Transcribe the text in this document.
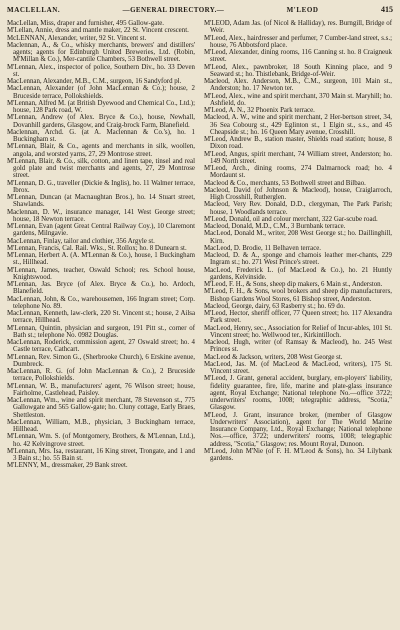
MACLELLAN.	—GENERAL DIRECTORY.—	M'LEOD	415

MacLellan, Miss, draper and furnisher, 495 Gallow-gate.

M'Lellan, Annie, dress and mantle maker, 22 St. Vincent crescent.

McLENNAN, Alexander, writer, 92 St. Vincent st.

Maclennan, A., & Co., whisky merchants, brewers' and distillers' agents; agents for Edinburgh United Breweries, Ltd. (Robin, M'Millan & Co.), Mer-cantile Chambers, 53 Bothwell street.

M'Lennan, Alex., inspector of police, Southern Div., ho. 33 Deven st.

MacLennan, Alexander, M.B., C.M., surgeon, 16 Sandyford pl.

MacLennan, Alexander (of John MacLennan & Co.); house, 2 Bruceside terrace, Pollokshields.

M'Lennan, Alfred M. (at British Dyewood and Chemical Co., Ltd.); house, 128 Park road, W.

M'Lennan, Andrew (of Alex. Bryce & Co.), house, Newhall, Dovanhill gardens, Glasgow, and Craig-brock Farm, Blanefield.

Maclennan, Archd. G. (at A. Maclennan & Co.'s), ho. 1 Buckingham st.

M'Lennan, Blair, & Co., agents and merchants in silk, woollen, angola, and worsted yarns, 27, 29 Montrose street.

M'Lennan, Blair, & Co., silk, cotton, and linen tape, tinsel and real gold plate and twist merchants and agents, 27, 29 Montrose street.

M'Lennan, D. G., traveller (Dickie & Inglis), ho. 11 Walmer terrace, Ibrox.

M'Lennan, Duncan (at Macnaughtan Bros.), ho. 14 Stuart street, Shawlands.

Maclennan, D. W., insurance manager, 141 West George street; house, 18 Newton terrace.

M'Lennan, Evan (agent Great Central Railway Coy.), 10 Claremont gardens, Milngavie.

MacLennan, Finlay, tailor and clothier, 356 Argyle st.

M'Lennan, Francis, Cal. Rail. Wks., St. Rollox; ho. 8 Dunearn st.

M'Lennan, Herbert A. (A. M'Lennan & Co.), house, 1 Buckingham st., Hillhead.

M'Lennan, James, teacher, Oswald School; res. School house, Knightswood.

M'Lennan, Jas. Bryce (of Alex. Bryce & Co.), ho. Ardoch, Blanefield.

MacLennan, John, & Co., warehousemen, 166 Ingram street; Corp. telephone No. 89.

MacLennan, Kenneth, law-clerk, 220 St. Vincent st.; house, 2 Ailsa terrace, Hillhead.

M'Lennan, Quintin, physician and surgeon, 191 Pitt st., corner of Bath st.; telephone No. 0982 Douglas.

MacLennan, Roderick, commission agent, 27 Oswald street; ho. 4 Castle terrace, Cathcart.

M'Lennan, Rev. Simon G., (Sherbrooke Church), 6 Erskine avenue, Dumbreck.

MacLennan, R. G. (of John MacLennan & Co.), 2 Bruceside terrace, Pollokshields.

M'Lennan, W. B., manufacturers' agent, 76 Wilson street; house, Fairholme, Castlehead, Paisley.

MacLennan, Wm., wine and spirit merchant, 78 Stevenson st., 775 Gallowgate and 565 Gallow-gate; ho. Cluny cottage, Early Braes, Shettleston.

MacLennan, William, M.B., physician, 3 Buckingham terrace, Hillhead.

M'Lennan, Wm. S. (of Montgomery, Brothers, & M'Lennan, Ltd.), ho. 42 Kelvingrove street.

M'Lennan, Mrs. Isa, restaurant, 16 King street, Trongate, and 1 and 3 Bain st.; ho. 55 Bain st.

M'LENNY, M., dressmaker, 29 Bank street.

M'LEOD, Adam Jas. (of Nicol & Halliday), res. Burngill, Bridge of Weir.

M'Leod, Alex., hairdresser and perfumer, 7 Cumber-land street, s.s.; house, 76 Abbotsford place.

M'Leod, Alexander, dining rooms, 116 Canning st. ho. 8 Craigneuk street.

M'Leod, Alex., pawnbroker, 18 South Kinning place, and 9 Seaward st.; ho. Thistlebank, Bridge-of-Weir.

Macleod, Alex. Anderson, M.B., C.M., surgeon, 101 Main st., Anderston; ho. 17 Newton ter.

M'Leod, Alex., wine and spirit merchant, 370 Main st. Maryhill; ho. Ashfield, do.

M'Leod, A. N., 32 Phoenix Park terrace.

Macleod, A. W., wine and spirit merchant, 2 Her-bertson street, 34, 36 Sea Cobourg st., 429 Eglinton st., 1 Elgin st., s.s., and 45 Cheapside st.; ho. 16 Queen Mary avenue, Crosshill.

M'Leod, Andrew B., station master, Shields road station; house, 8 Dixon road.

M'Leod, Angus, spirit merchant, 74 William street, Anderston; ho. 149 North street.

M'Leod, Arch., dining rooms, 274 Dalmarnock road; ho. 4 Mordaunt st.

Macleod & Co., merchants, 53 Bothwell street and Bilbao.

Macleod, David (of Johnson & Macleod), house, Craiglarroch, High Crosshill, Rutherglen.

Macleod, Very Rev. Donald, D.D., clergyman, The Park Parish; house, 1 Woodlands terrace.

M'Leod, Donald, oil and colour merchant, 322 Gar-scube road.

Macleod, Donald, M.D., C.M., 3 Burnbank terrace.

MacLeod, Donald M., writer, 208 West George st.; ho. Daillinghill, Kirn.

MacLeod, D. Brodie, 11 Belhaven terrace.

Macleod, D. & A., sponge and chamois leather mer-chants, 229 Ingram st.; ho. 271 West Prince's street.

MacLeod, Frederick L. (of MacLeod & Co.), ho. 21 Huntly gardens, Kelvinside.

M'Leod, F. H., & Sons, sheep dip makers, 6 Main st., Anderston.

M'Leod, F. H., & Sons, wool brokers and sheep dip manufacturers, Bishop Gardens Wool Stores, 61 Bishop street, Anderston.

Macleod, George, dairy, 63 Rasberry st.; ho. 69 do.

M'Leod, Hector, sheriff officer, 77 Queen street; ho. 117 Alexandra Park street.

MacLeod, Henry, sec., Association for Relief of Incur-ables, 101 St. Vincent street; ho. Wellwood ter., Kirkintilloch.

Macleod, Hugh, writer (of Ramsay & Macleod), ho. 245 West Princes st.

MacLeod & Jackson, writers, 208 West George st.

MacLeod, Jas. M. (of MacLeod & MacLeod, writers), 175 St. Vincent street.

M'Leod, J. Grant, general accident, burglary, em-ployers' liability, fidelity guarantee, fire, life, marine and plate-glass insurance agent, Royal Exchange; National telephone No.—office 3722; underwriters' rooms, 1008; telegraphic address, "Scotia," Glasgow.

M'Leod, J. Grant, insurance broker, (member of Glasgow Underwriters' Association), agent for The World Marine Insurance Company, Ltd., Royal Exchange; National telephone Nos.—office, 3722; underwriters' rooms, 1008; telegraphic address, "Scotia," Glasgow; res. Mount Royal, Dunoon.

M'Leod, John M'Nie (of F. H. M'Leod & Sons), ho. 34 Lilybank gardens.
